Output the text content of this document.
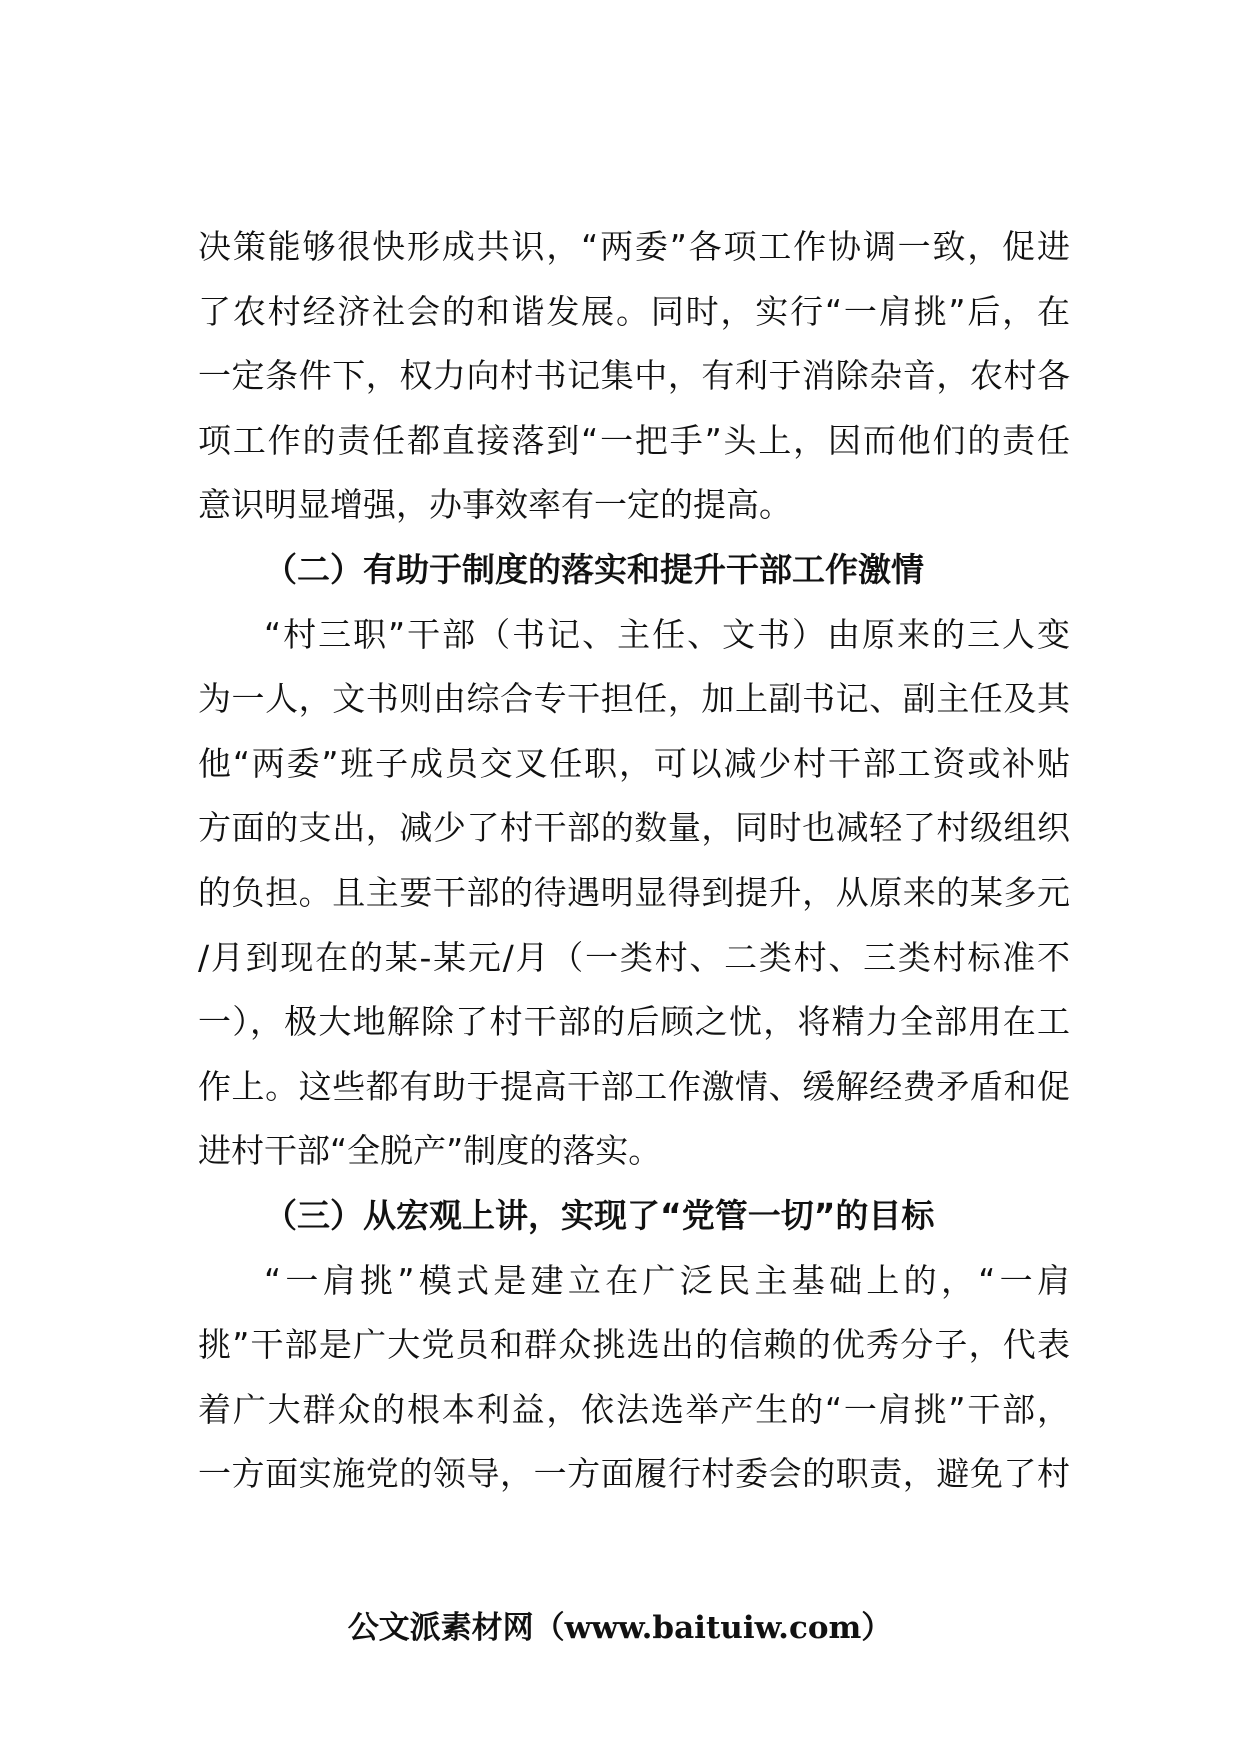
决策能够很快形成共识，“两委”各项工作协调一致，促进
了农村经济社会的和谐发展。同时，实行“一肩挑”后，在
一定条件下，权力向村书记集中，有利于消除杂音，农村各
项工作的责任都直接落到“一把手”头上，因而他们的责任
意识明显增强，办事效率有一定的提高。
（二）有助于制度的落实和提升干部工作激情
“村三职”干部（书记、主任、文书）由原来的三人变
为一人，文书则由综合专干担任，加上副书记、副主任及其
他“两委”班子成员交叉任职，可以减少村干部工资或补贴
方面的支出，减少了村干部的数量，同时也减轻了村级组织
的负担。且主要干部的待遇明显得到提升，从原来的某多元
/月到现在的某-某元/月（一类村、二类村、三类村标准不
一），极大地解除了村干部的后顾之忧，将精力全部用在工
作上。这些都有助于提高干部工作激情、缓解经费矛盾和促
进村干部“全脱产”制度的落实。
（三）从宏观上讲，实现了“党管一切”的目标
“一肩挑”模式是建立在广泛民主基础上的，“一肩
挑”干部是广大党员和群众挑选出的信赖的优秀分子，代表
着广大群众的根本利益，依法选举产生的“一肩挑”干部，
一方面实施党的领导，一方面履行村委会的职责，避免了村
公文派素材网（www.baituiw.com）
